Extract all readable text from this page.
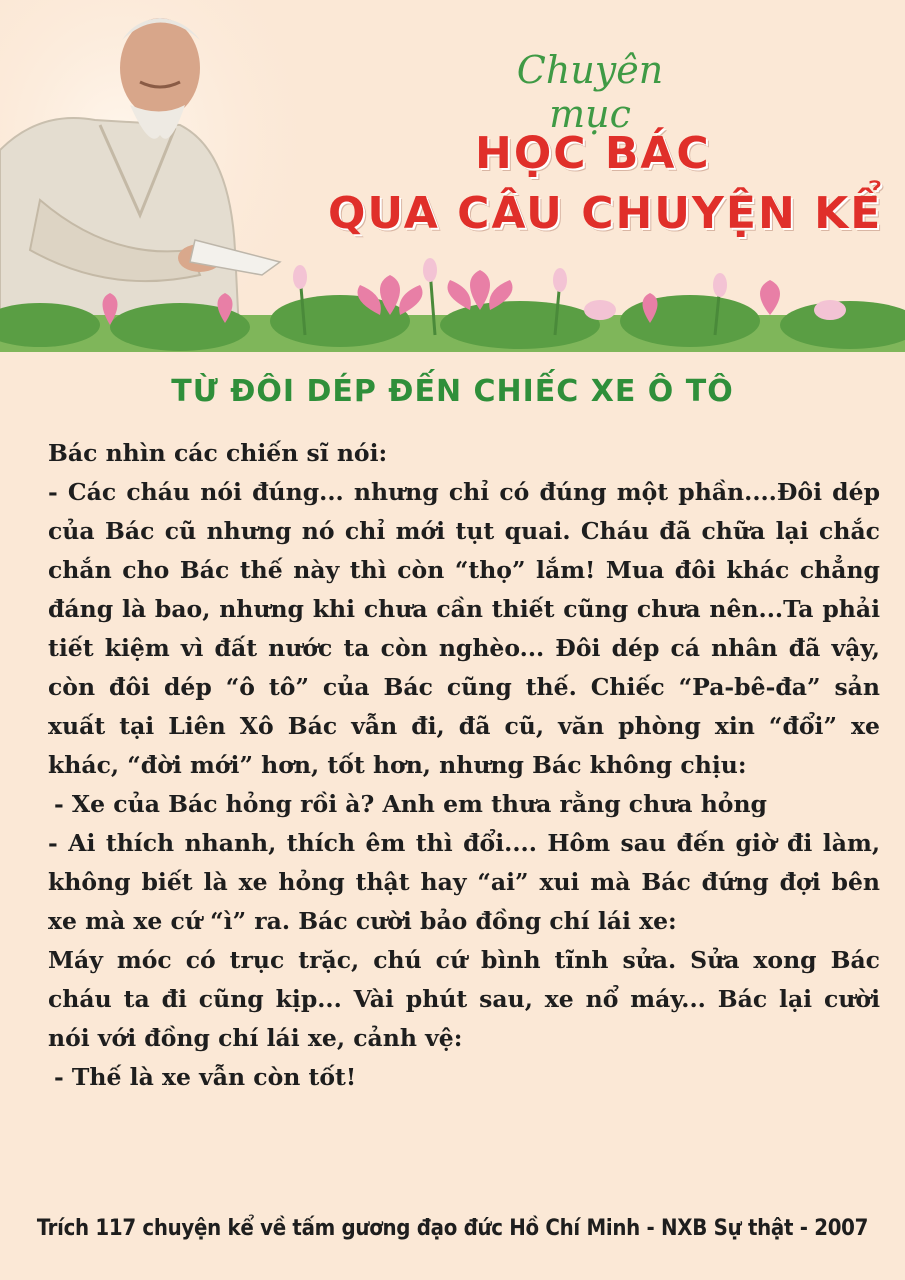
Chuyên mục
HỌC BÁC
QUA CÂU CHUYỆN KỂ
TỪ ĐÔI DÉP ĐẾN CHIẾC XE Ô TÔ

Bác nhìn các chiến sĩ nói:

- Các cháu nói đúng... nhưng chỉ có đúng một phần....Đôi dép của Bác cũ nhưng nó chỉ mới tụt quai. Cháu đã chữa lại chắc chắn cho Bác thế này thì còn “thọ” lắm! Mua đôi khác chẳng đáng là bao, nhưng khi chưa cần thiết cũng chưa nên...Ta phải tiết kiệm vì đất nước ta còn nghèo... Đôi dép cá nhân đã vậy, còn đôi dép “ô tô” của Bác cũng thế. Chiếc “Pa-bê-đa” sản xuất tại Liên Xô Bác vẫn đi, đã cũ, văn phòng xin “đổi” xe khác, “đời mới” hơn, tốt hơn, nhưng Bác không chịu:

- Xe của Bác hỏng rồi à? Anh em thưa rằng chưa hỏng

- Ai thích nhanh, thích êm thì đổi.... Hôm sau đến giờ đi làm, không biết là xe hỏng thật hay “ai” xui mà Bác đứng đợi bên xe mà xe cứ “ì” ra. Bác cười bảo đồng chí lái xe:

Máy móc có trục trặc, chú cứ bình tĩnh sửa. Sửa xong Bác cháu ta đi cũng kịp... Vài phút sau, xe nổ máy... Bác lại cười nói với đồng chí lái xe, cảnh vệ:

- Thế là xe vẫn còn tốt!

Trích 117 chuyện kể về tấm gương đạo đức Hồ Chí Minh - NXB Sự thật - 2007
